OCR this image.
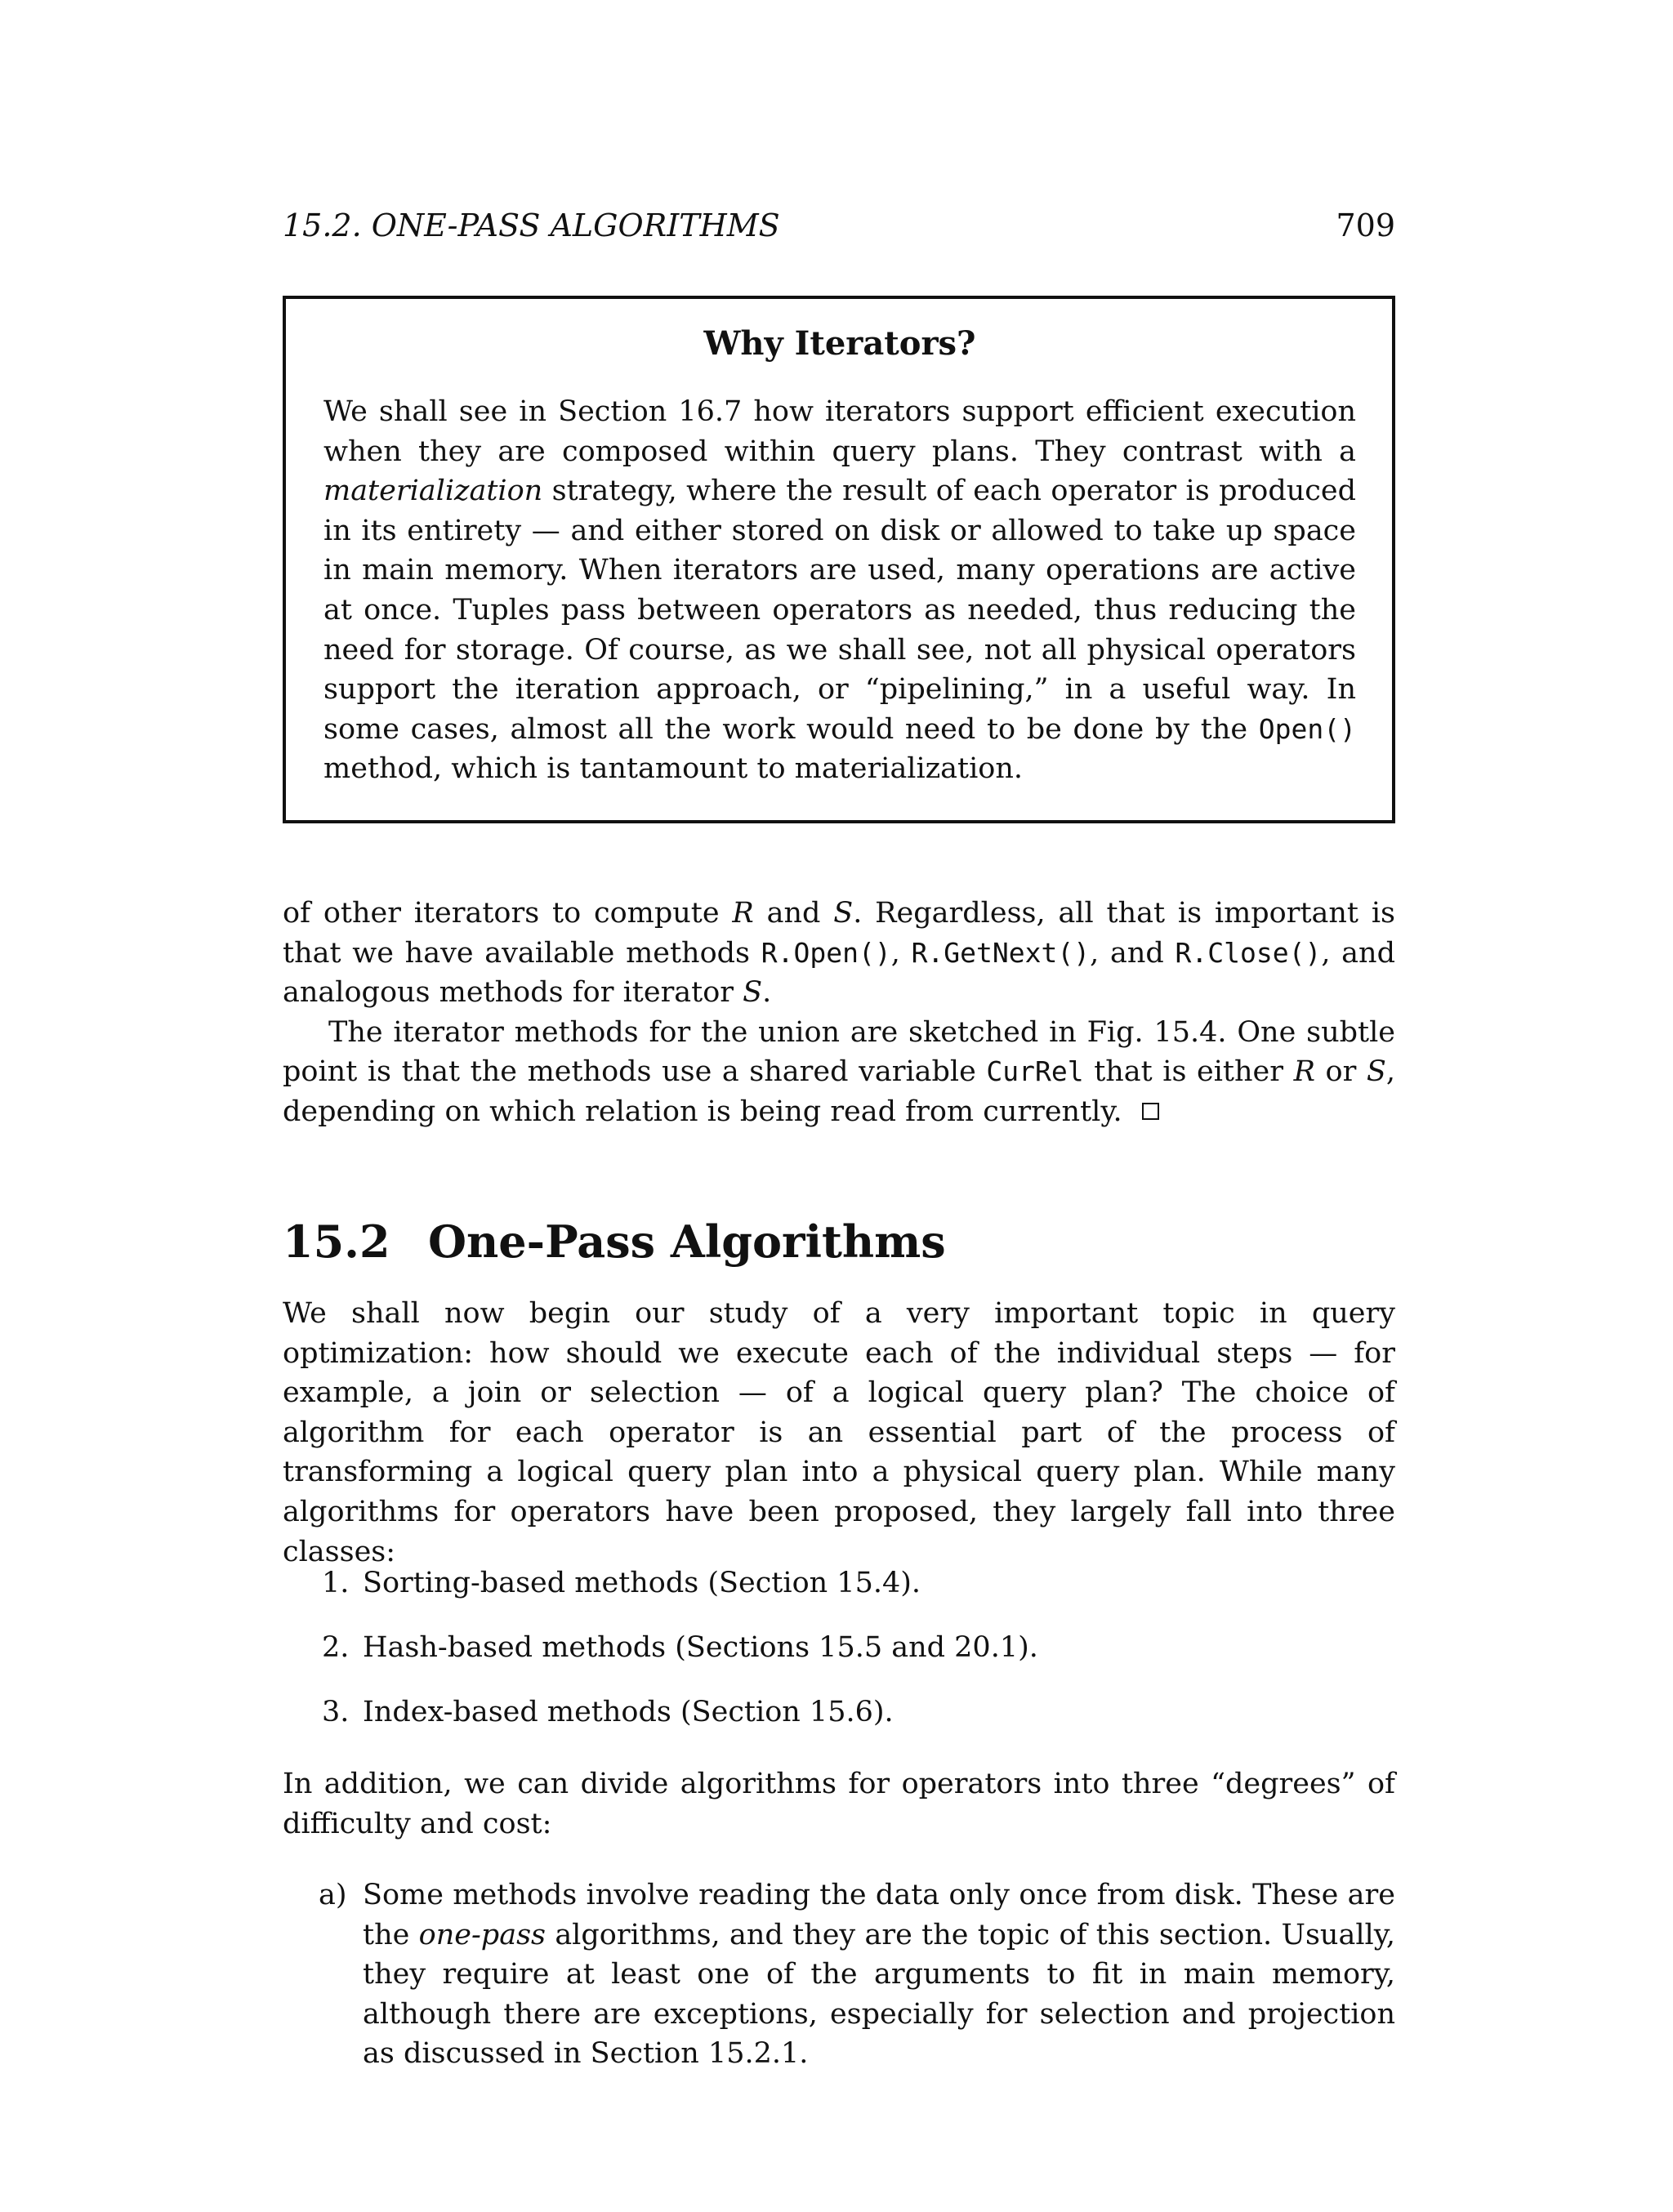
15.2. ONE-PASS ALGORITHMS	709
Why Iterators?

We shall see in Section 16.7 how iterators support efficient execution when they are composed within query plans. They contrast with a materialization strategy, where the result of each operator is produced in its entirety — and either stored on disk or allowed to take up space in main memory. When iterators are used, many operations are active at once. Tuples pass between operators as needed, thus reducing the need for storage. Of course, as we shall see, not all physical operators support the iteration approach, or “pipelining,” in a useful way. In some cases, almost all the work would need to be done by the Open() method, which is tantamount to materialization.

of other iterators to compute R and S. Regardless, all that is important is that we have available methods R.Open(), R.GetNext(), and R.Close(), and analogous methods for iterator S.

The iterator methods for the union are sketched in Fig. 15.4. One subtle point is that the methods use a shared variable CurRel that is either R or S, depending on which relation is being read from currently.

15.2 One-Pass Algorithms

We shall now begin our study of a very important topic in query optimization: how should we execute each of the individual steps — for example, a join or selection — of a logical query plan? The choice of algorithm for each operator is an essential part of the process of transforming a logical query plan into a physical query plan. While many algorithms for operators have been proposed, they largely fall into three classes:

1. Sorting-based methods (Section 15.4).
2. Hash-based methods (Sections 15.5 and 20.1).
3. Index-based methods (Section 15.6).

In addition, we can divide algorithms for operators into three “degrees” of difficulty and cost:

a) Some methods involve reading the data only once from disk. These are the one-pass algorithms, and they are the topic of this section. Usually, they require at least one of the arguments to fit in main memory, although there are exceptions, especially for selection and projection as discussed in Section 15.2.1.
